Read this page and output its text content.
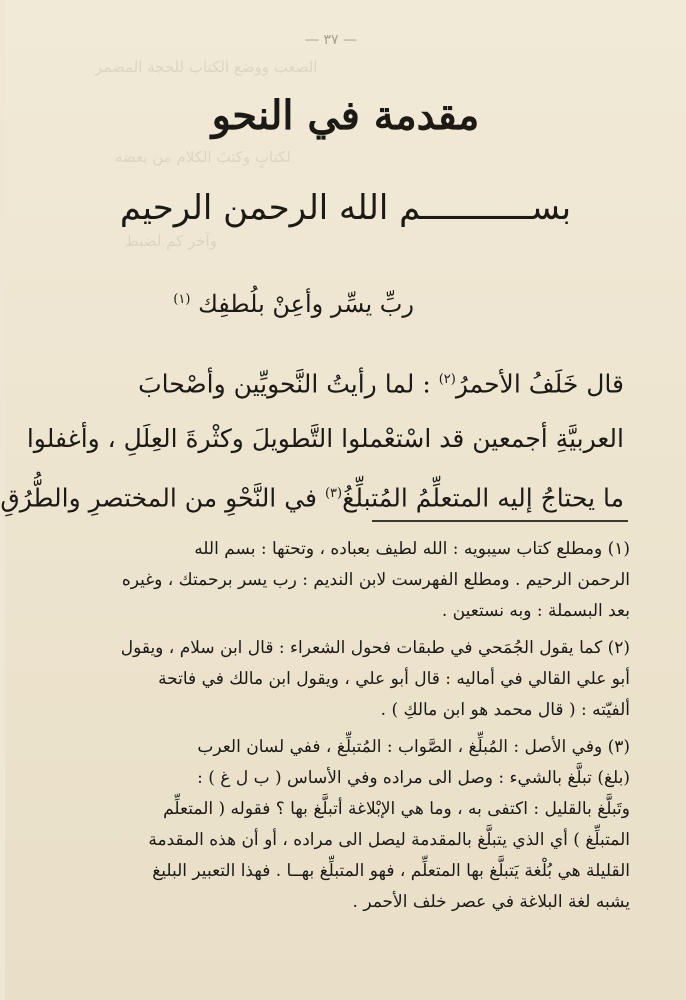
الصعب ووضع الكتاب للحجة المضمر
لكتابٍ وكتبَ الكلام من بعضه
وآخر كم لضبط
— ٣٧ —
مقدمة في النحو
بســـــــــــم الله الرحمن الرحيم
ربِّ يسِّر وأعِنْ بلُطفِك $^{(١)}$
قال خَلَفُ الأحمرُ$^{(٢)}$ : لما رأيتُ النَّحويِّين وأصْحابَ
العربيَّةِ أجمعين قد اسْتعْملوا التَّطويلَ وكثْرةَ العِلَلِ ، وأغفلوا
ما يحتاجُ إليه المتعلِّمُ المُتبلِّغُ$^{(٣)}$ في النَّحْوِ من المختصرِ والطُّرُقِ

(١) ومطلع كتاب سيبويه : الله لطيف بعباده ، وتحتها : بسم الله
الرحمن الرحيم . ومطلع الفهرست لابن النديم : رب يسر برحمتك ، وغيره
بعد البسملة : وبه نستعين .

(٢) كما يقول الجُمَحي في طبقات فحول الشعراء : قال ابن سلام ، ويقول
أبو علي القالي في أماليه : قال أبو علي ، ويقول ابن مالك في فاتحة
ألفيّته : ( قال محمد هو ابن مالكِ ) .

(٣) وفي الأصل : المُبلِّغ ، الصَّواب : المُتبلِّغ ، ففي لسان العرب
(بلغ) تبلَّغ بالشيء : وصل الى مراده وفي الأساس ( ب ل غ ) :
وتَبلَّغ بالقليل : اكتفى به ، وما هي الإبْلاغة أتبلَّغ بها ؟ فقوله ( المتعلِّم
المتبلِّغ ) أي الذي يتبلَّغ بالمقدمة ليصل الى مراده ، أو أن هذه المقدمة
القليلة هي بُلْغة يَتبلَّغ بها المتعلِّم ، فهو المتبلِّغ بهــا . فهذا التعبير البليغ
يشبه لغة البلاغة في عصر خلف الأحمر .
